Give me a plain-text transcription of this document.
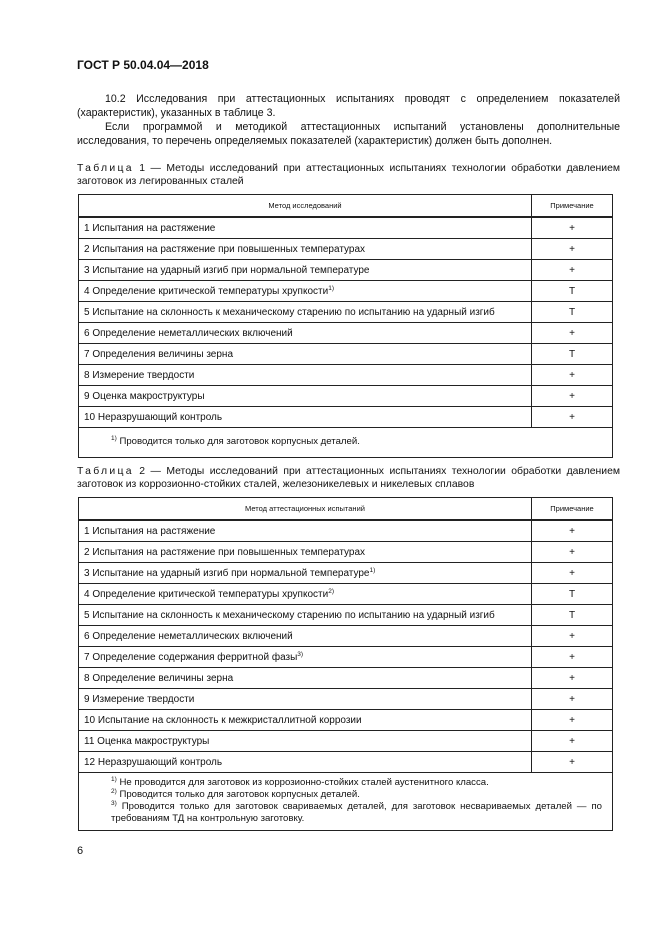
ГОСТ Р 50.04.04—2018
10.2 Исследования при аттестационных испытаниях проводят с определением показателей (характеристик), указанных в таблице 3.
Если программой и методикой аттестационных испытаний установлены дополнительные исследования, то перечень определяемых показателей (характеристик) должен быть дополнен.
Таблица 1 — Методы исследований при аттестационных испытаниях технологии обработки давлением заготовок из легированных сталей
Метод исследований	Примечание
1 Испытания на растяжение	+
2 Испытания на растяжение при повышенных температурах	+
3 Испытание на ударный изгиб при нормальной температуре	+
4 Определение критической температуры хрупкости$^{1)}$	Т
5 Испытание на склонность к механическому старению по испытанию на ударный изгиб	Т
6 Определение неметаллических включений	+
7 Определения величины зерна	Т
8 Измерение твердости	+
9 Оценка макроструктуры	+
10 Неразрушающий контроль	+

$^{1)}$ Проводится только для заготовок корпусных деталей.	
Таблица 2 — Методы исследований при аттестационных испытаниях технологии обработки давлением заготовок из коррозионно-стойких сталей, железоникелевых и никелевых сплавов
Метод аттестационных испытаний	Примечание
1 Испытания на растяжение	+
2 Испытания на растяжение при повышенных температурах	+
3 Испытание на ударный изгиб при нормальной температуре$^{1)}$	+
4 Определение критической температуры хрупкости$^{2)}$	Т
5 Испытание на склонность к механическому старению по испытанию на ударный изгиб	Т
6 Определение неметаллических включений	+
7 Определение содержания ферритной фазы$^{3)}$	+
8 Определение величины зерна	+
9 Измерение твердости	+
10 Испытание на склонность к межкристаллитной коррозии	+
11 Оценка макроструктуры	+
12 Неразрушающий контроль	+

$^{1)}$ Не проводится для заготовок из коррозионно-стойких сталей аустенитного класса.
$^{2)}$ Проводится только для заготовок корпусных деталей.
$^{3)}$ Проводится только для заготовок свариваемых деталей, для заготовок несвариваемых деталей — по требованиям ТД на контрольную заготовку.	
6
